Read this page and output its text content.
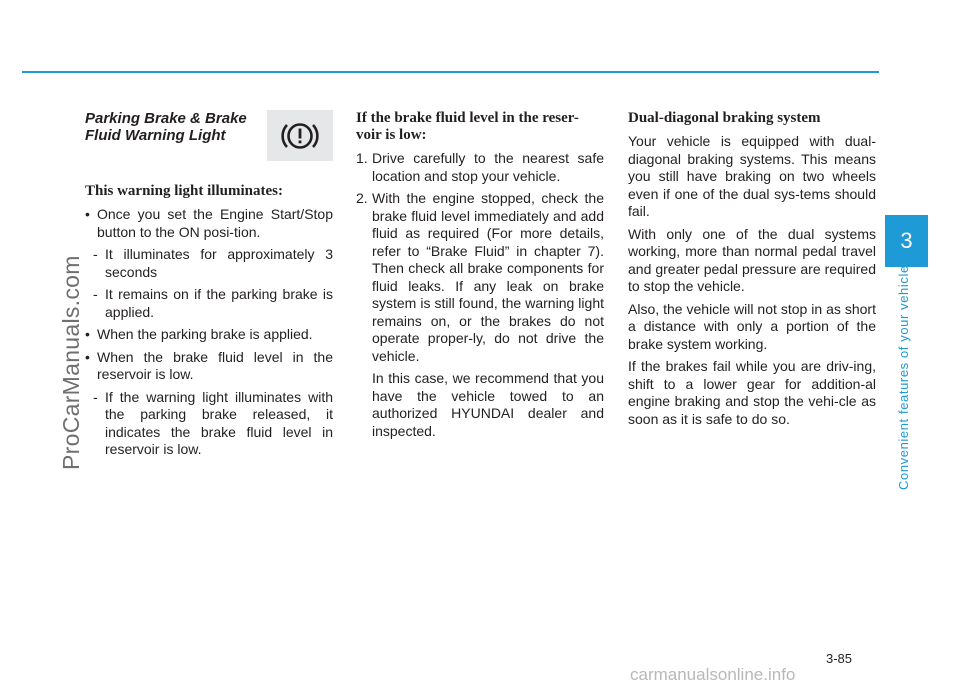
ProCarManuals.com
Parking Brake & Brake
Fluid Warning Light
This warning light illuminates:
• Once you set the Engine Start/Stop button to the ON posi-tion.
- It illuminates for approximately 3 seconds
- It remains on if the parking brake is applied.
• When the parking brake is applied.
• When the brake fluid level in the reservoir is low.
- If the warning light illuminates with the parking brake released, it indicates the brake fluid level in reservoir is low.
If the brake fluid level in the reser-voir is low:
1. Drive carefully to the nearest safe location and stop your vehicle.
2. With the engine stopped, check the brake fluid level immediately and add fluid as required (For more details, refer to “Brake Fluid” in chapter 7). Then check all brake components for fluid leaks. If any leak on brake system is still found, the warning light remains on, or the brakes do not operate proper-ly, do not drive the vehicle.
In this case, we recommend that you have the vehicle towed to an authorized HYUNDAI dealer and inspected.
Dual-diagonal braking system

Your vehicle is equipped with dual-diagonal braking systems. This means you still have braking on two wheels even if one of the dual sys-tems should fail.

With only one of the dual systems working, more than normal pedal travel and greater pedal pressure are required to stop the vehicle.

Also, the vehicle will not stop in as short a distance with only a portion of the brake system working.

If the brakes fail while you are driv-ing, shift to a lower gear for addition-al engine braking and stop the vehi-cle as soon as it is safe to do so.

3
Convenient features of your vehicle
3-85
carmanualsonline.info
